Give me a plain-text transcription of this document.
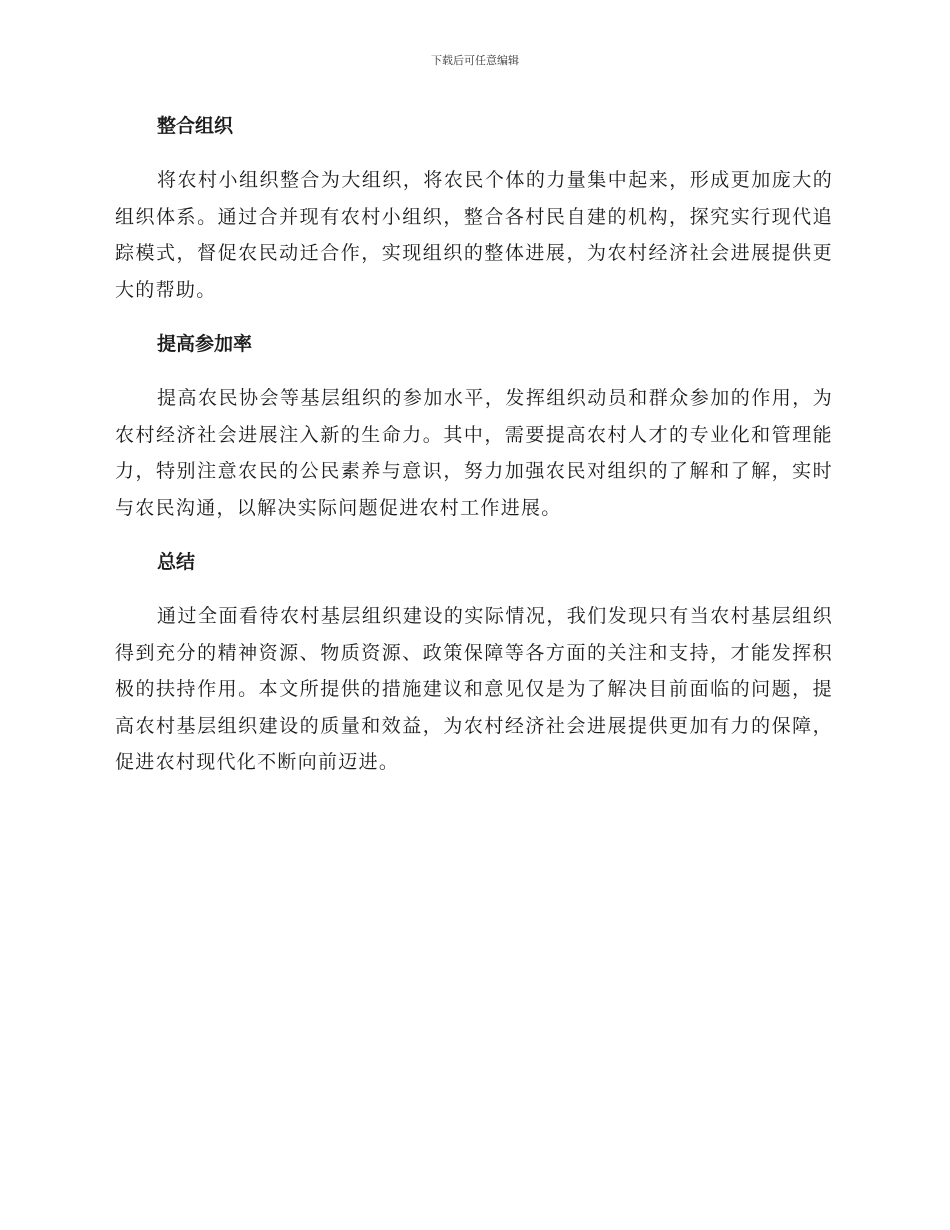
下载后可任意编辑
整合组织

将农村小组织整合为大组织，将农民个体的力量集中起来，形成更加庞大的组织体系。通过合并现有农村小组织，整合各村民自建的机构，探究实行现代追踪模式，督促农民动迁合作，实现组织的整体进展，为农村经济社会进展提供更大的帮助。

提高参加率

提高农民协会等基层组织的参加水平，发挥组织动员和群众参加的作用，为农村经济社会进展注入新的生命力。其中，需要提高农村人才的专业化和管理能力，特别注意农民的公民素养与意识，努力加强农民对组织的了解和了解，实时与农民沟通，以解决实际问题促进农村工作进展。

总结

通过全面看待农村基层组织建设的实际情况，我们发现只有当农村基层组织得到充分的精神资源、物质资源、政策保障等各方面的关注和支持，才能发挥积极的扶持作用。本文所提供的措施建议和意见仅是为了解决目前面临的问题，提高农村基层组织建设的质量和效益，为农村经济社会进展提供更加有力的保障，促进农村现代化不断向前迈进。
